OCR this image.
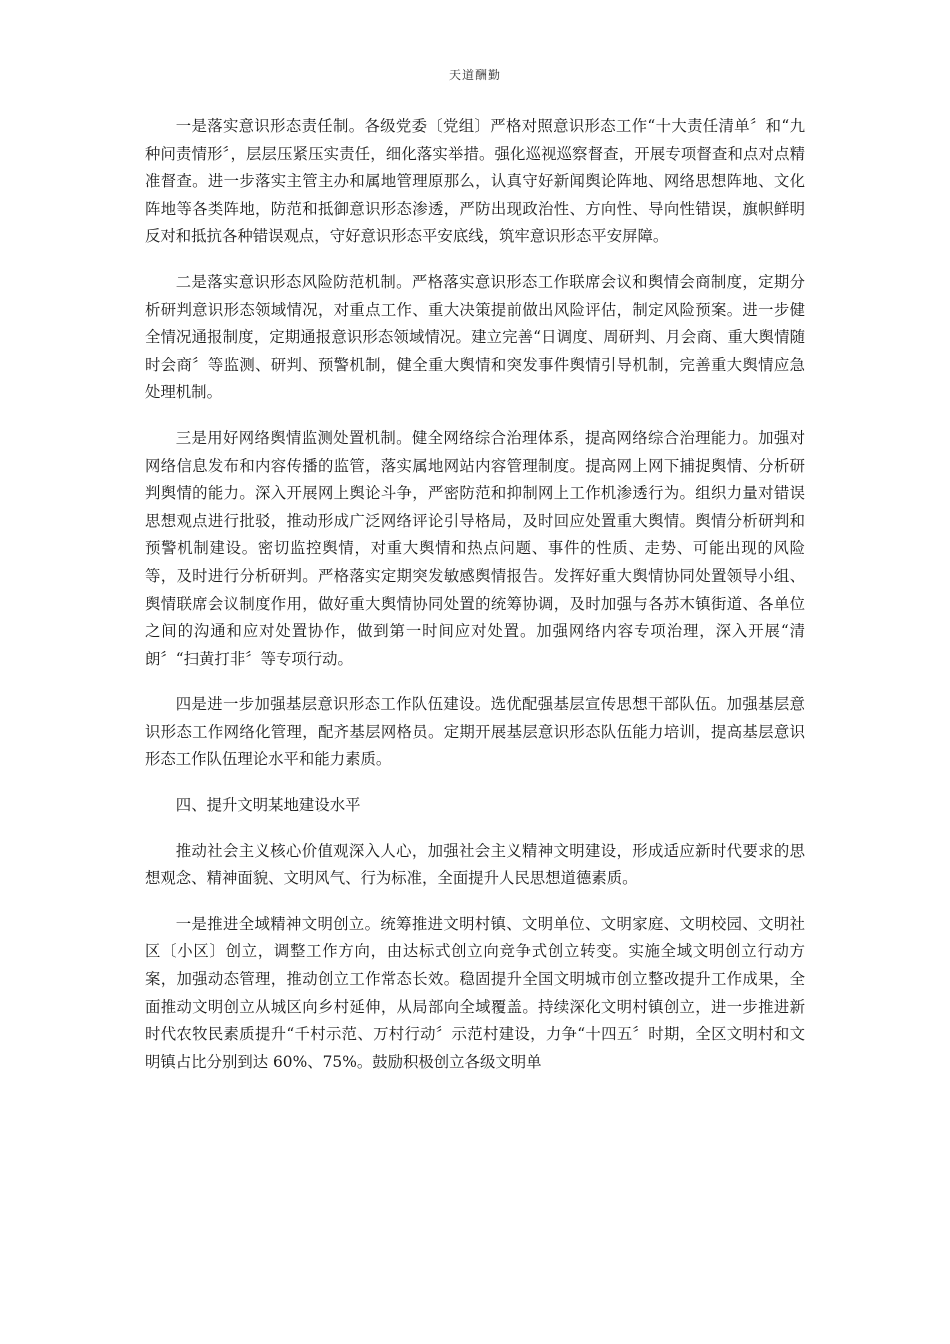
天道酬勤

一是落实意识形态责任制。各级党委〔党组〕严格对照意识形态工作“十大责任清单〞和“九种问责情形〞，层层压紧压实责任，细化落实举措。强化巡视巡察督查，开展专项督查和点对点精准督查。进一步落实主管主办和属地管理原那么，认真守好新闻舆论阵地、网络思想阵地、文化阵地等各类阵地，防范和抵御意识形态渗透，严防出现政治性、方向性、导向性错误，旗帜鲜明反对和抵抗各种错误观点，守好意识形态平安底线，筑牢意识形态平安屏障。

二是落实意识形态风险防范机制。严格落实意识形态工作联席会议和舆情会商制度，定期分析研判意识形态领域情况，对重点工作、重大决策提前做出风险评估，制定风险预案。进一步健全情况通报制度，定期通报意识形态领域情况。建立完善“日调度、周研判、月会商、重大舆情随时会商〞等监测、研判、预警机制，健全重大舆情和突发事件舆情引导机制，完善重大舆情应急处理机制。

三是用好网络舆情监测处置机制。健全网络综合治理体系，提高网络综合治理能力。加强对网络信息发布和内容传播的监管，落实属地网站内容管理制度。提高网上网下捕捉舆情、分析研判舆情的能力。深入开展网上舆论斗争，严密防范和抑制网上工作机渗透行为。组织力量对错误思想观点进行批驳，推动形成广泛网络评论引导格局，及时回应处置重大舆情。舆情分析研判和预警机制建设。密切监控舆情，对重大舆情和热点问题、事件的性质、走势、可能出现的风险等，及时进行分析研判。严格落实定期突发敏感舆情报告。发挥好重大舆情协同处置领导小组、舆情联席会议制度作用，做好重大舆情协同处置的统筹协调，及时加强与各苏木镇街道、各单位之间的沟通和应对处置协作，做到第一时间应对处置。加强网络内容专项治理，深入开展“清朗〞“扫黄打非〞等专项行动。

四是进一步加强基层意识形态工作队伍建设。选优配强基层宣传思想干部队伍。加强基层意识形态工作网络化管理，配齐基层网格员。定期开展基层意识形态队伍能力培训，提高基层意识形态工作队伍理论水平和能力素质。

四、提升文明某地建设水平

推动社会主义核心价值观深入人心，加强社会主义精神文明建设，形成适应新时代要求的思想观念、精神面貌、文明风气、行为标准，全面提升人民思想道德素质。

一是推进全域精神文明创立。统筹推进文明村镇、文明单位、文明家庭、文明校园、文明社区〔小区〕创立，调整工作方向，由达标式创立向竞争式创立转变。实施全域文明创立行动方案，加强动态管理，推动创立工作常态长效。稳固提升全国文明城市创立整改提升工作成果，全面推动文明创立从城区向乡村延伸，从局部向全域覆盖。持续深化文明村镇创立，进一步推进新时代农牧民素质提升“千村示范、万村行动〞示范村建设，力争“十四五〞时期，全区文明村和文明镇占比分别到达 60%、75%。鼓励积极创立各级文明单
